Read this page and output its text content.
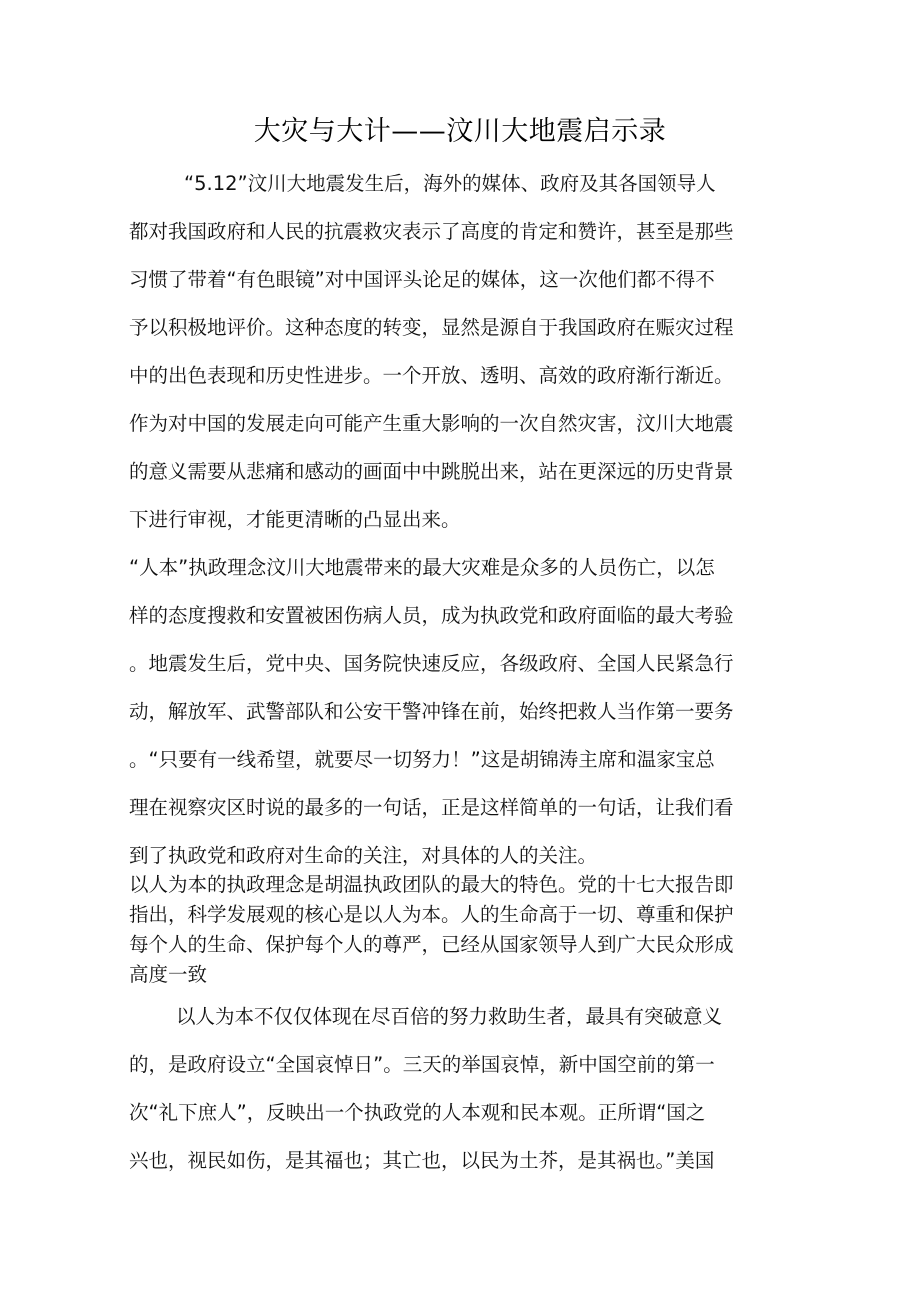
大灾与大计——汶川大地震启示录
“5.12”汶川大地震发生后，海外的媒体、政府及其各国领导人
都对我国政府和人民的抗震救灾表示了高度的肯定和赞许，甚至是那些
习惯了带着“有色眼镜”对中国评头论足的媒体，这一次他们都不得不
予以积极地评价。这种态度的转变，显然是源自于我国政府在赈灾过程
中的出色表现和历史性进步。一个开放、透明、高效的政府渐行渐近。
作为对中国的发展走向可能产生重大影响的一次自然灾害，汶川大地震
的意义需要从悲痛和感动的画面中中跳脱出来，站在更深远的历史背景
下进行审视，才能更清晰的凸显出来。
“人本”执政理念汶川大地震带来的最大灾难是众多的人员伤亡，以怎
样的态度搜救和安置被困伤病人员，成为执政党和政府面临的最大考验
。地震发生后，党中央、国务院快速反应，各级政府、全国人民紧急行
动，解放军、武警部队和公安干警冲锋在前，始终把救人当作第一要务
。“只要有一线希望，就要尽一切努力！”这是胡锦涛主席和温家宝总
理在视察灾区时说的最多的一句话，正是这样简单的一句话，让我们看
到了执政党和政府对生命的关注，对具体的人的关注。
以人为本的执政理念是胡温执政团队的最大的特色。党的十七大报告即
指出，科学发展观的核心是以人为本。人的生命高于一切、尊重和保护
每个人的生命、保护每个人的尊严，已经从国家领导人到广大民众形成
高度一致
以人为本不仅仅体现在尽百倍的努力救助生者，最具有突破意义
的，是政府设立“全国哀悼日”。三天的举国哀悼，新中国空前的第一
次“礼下庶人”，反映出一个执政党的人本观和民本观。正所谓“国之
兴也，视民如伤，是其福也；其亡也，以民为土芥，是其祸也。”美国
